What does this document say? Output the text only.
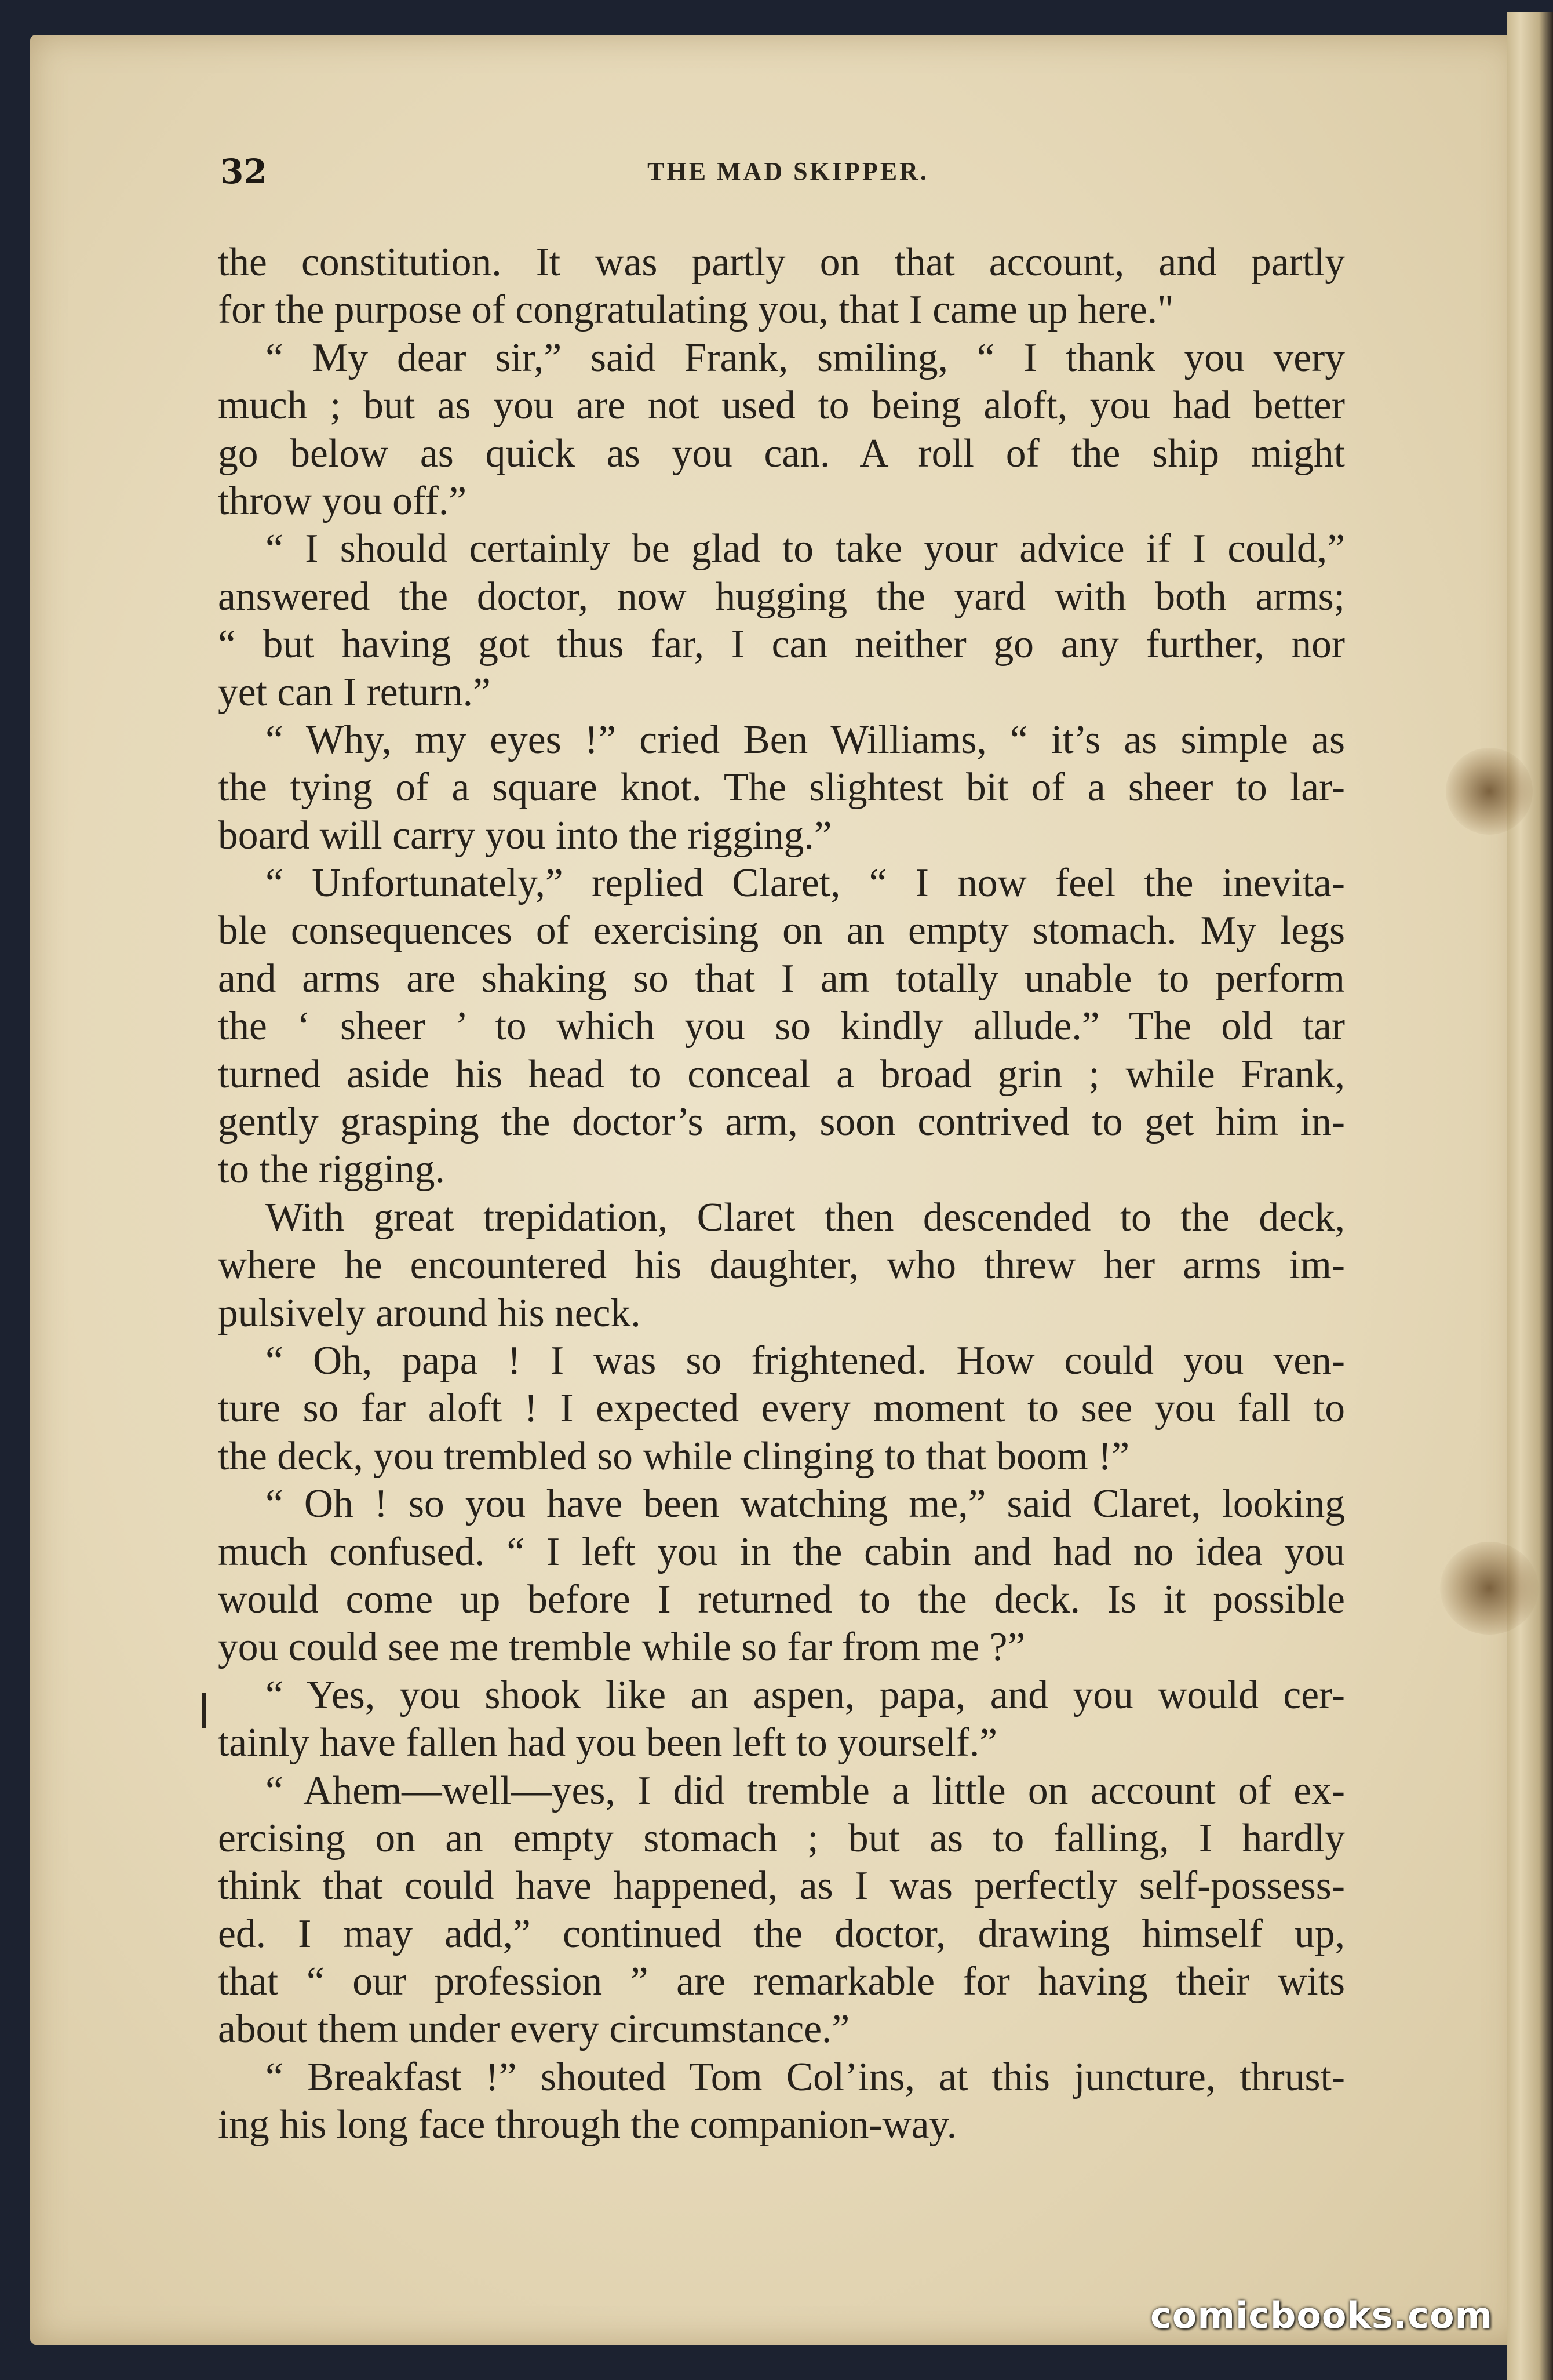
32	THE MAD SKIPPER.
the constitution. It was partly on that account, and partly
for the purpose of congratulating you, that I came up here."
“ My dear sir,” said Frank, smiling, “ I thank you very
much ; but as you are not used to being aloft, you had better
go below as quick as you can. A roll of the ship might
throw you off.”
“ I should certainly be glad to take your advice if I could,”
answered the doctor, now hugging the yard with both arms;
“ but having got thus far, I can neither go any further, nor
yet can I return.”
“ Why, my eyes !” cried Ben Williams, “ it’s as simple as
the tying of a square knot. The slightest bit of a sheer to lar-
board will carry you into the rigging.”
“ Unfortunately,” replied Claret, “ I now feel the inevita-
ble consequences of exercising on an empty stomach. My legs
and arms are shaking so that I am totally unable to perform
the ‘ sheer ’ to which you so kindly allude.” The old tar
turned aside his head to conceal a broad grin ; while Frank,
gently grasping the doctor’s arm, soon contrived to get him in-
to the rigging.
With great trepidation, Claret then descended to the deck,
where he encountered his daughter, who threw her arms im-
pulsively around his neck.
“ Oh, papa ! I was so frightened. How could you ven-
ture so far aloft ! I expected every moment to see you fall to
the deck, you trembled so while clinging to that boom !”
“ Oh ! so you have been watching me,” said Claret, looking
much confused. “ I left you in the cabin and had no idea you
would come up before I returned to the deck. Is it possible
you could see me tremble while so far from me ?”
“ Yes, you shook like an aspen, papa, and you would cer-
tainly have fallen had you been left to yourself.”
“ Ahem—well—yes, I did tremble a little on account of ex-
ercising on an empty stomach ; but as to falling, I hardly
think that could have happened, as I was perfectly self-possess-
ed. I may add,” continued the doctor, drawing himself up,
that “ our profession ” are remarkable for having their wits
about them under every circumstance.”
“ Breakfast !” shouted Tom Col’ins, at this juncture, thrust-
ing his long face through the companion-way.
comicbooks.com
